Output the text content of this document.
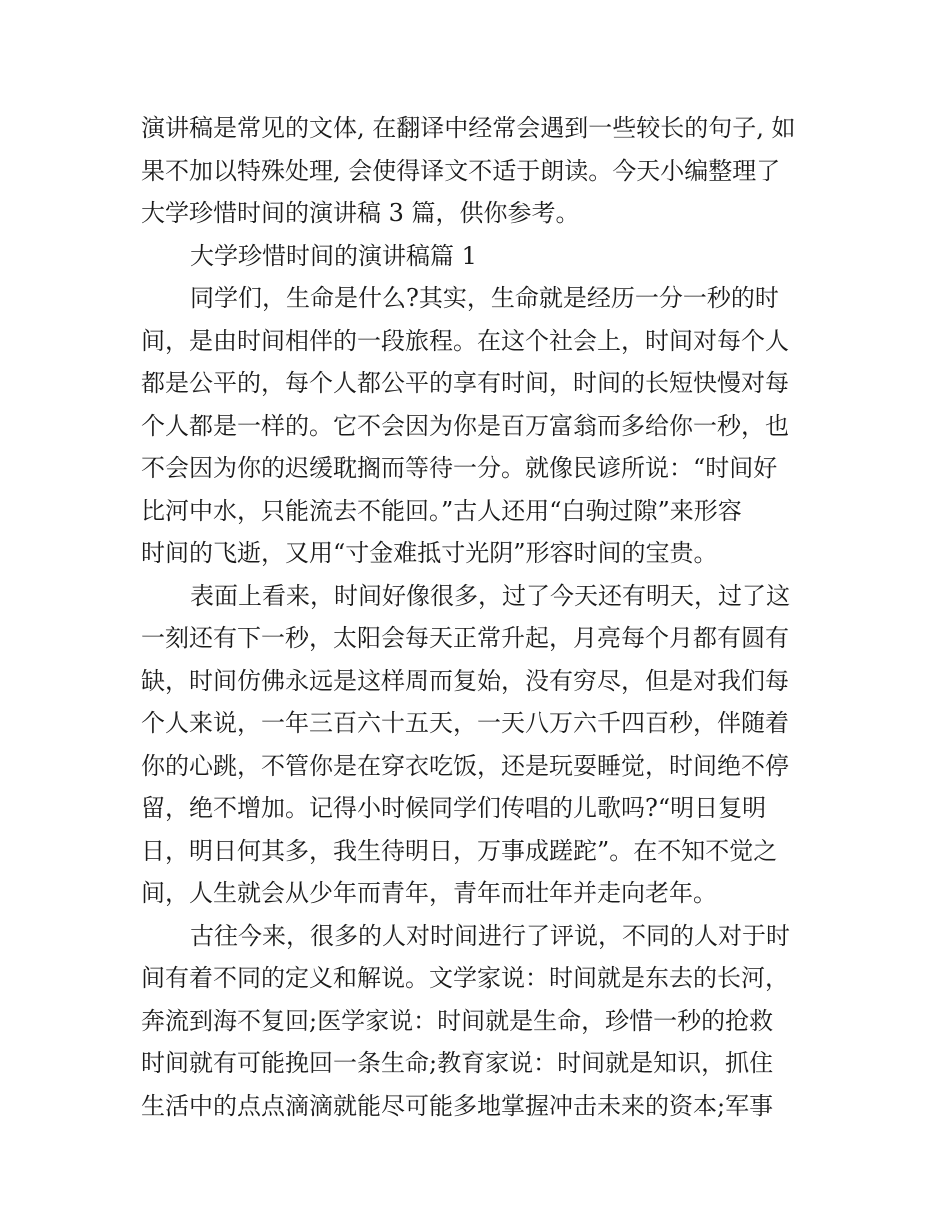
演讲稿是常见的文体, 在翻译中经常会遇到一些较长的句子, 如
果不加以特殊处理, 会使得译文不适于朗读。今天小编整理了
大学珍惜时间的演讲稿 3 篇，供你参考。
大学珍惜时间的演讲稿篇 1
同学们，生命是什么?其实，生命就是经历一分一秒的时
间，是由时间相伴的一段旅程。在这个社会上，时间对每个人
都是公平的，每个人都公平的享有时间，时间的长短快慢对每
个人都是一样的。它不会因为你是百万富翁而多给你一秒，也
不会因为你的迟缓耽搁而等待一分。就像民谚所说：“时间好
比河中水，只能流去不能回。”古人还用“白驹过隙”来形容
时间的飞逝，又用“寸金难抵寸光阴”形容时间的宝贵。
表面上看来，时间好像很多，过了今天还有明天，过了这
一刻还有下一秒，太阳会每天正常升起，月亮每个月都有圆有
缺，时间仿佛永远是这样周而复始，没有穷尽，但是对我们每
个人来说，一年三百六十五天，一天八万六千四百秒，伴随着
你的心跳，不管你是在穿衣吃饭，还是玩耍睡觉，时间绝不停
留，绝不增加。记得小时候同学们传唱的儿歌吗?“明日复明
日，明日何其多，我生待明日，万事成蹉跎”。在不知不觉之
间，人生就会从少年而青年，青年而壮年并走向老年。
古往今来，很多的人对时间进行了评说，不同的人对于时
间有着不同的定义和解说。文学家说：时间就是东去的长河，
奔流到海不复回;医学家说：时间就是生命，珍惜一秒的抢救
时间就有可能挽回一条生命;教育家说：时间就是知识，抓住
生活中的点点滴滴就能尽可能多地掌握冲击未来的资本;军事
